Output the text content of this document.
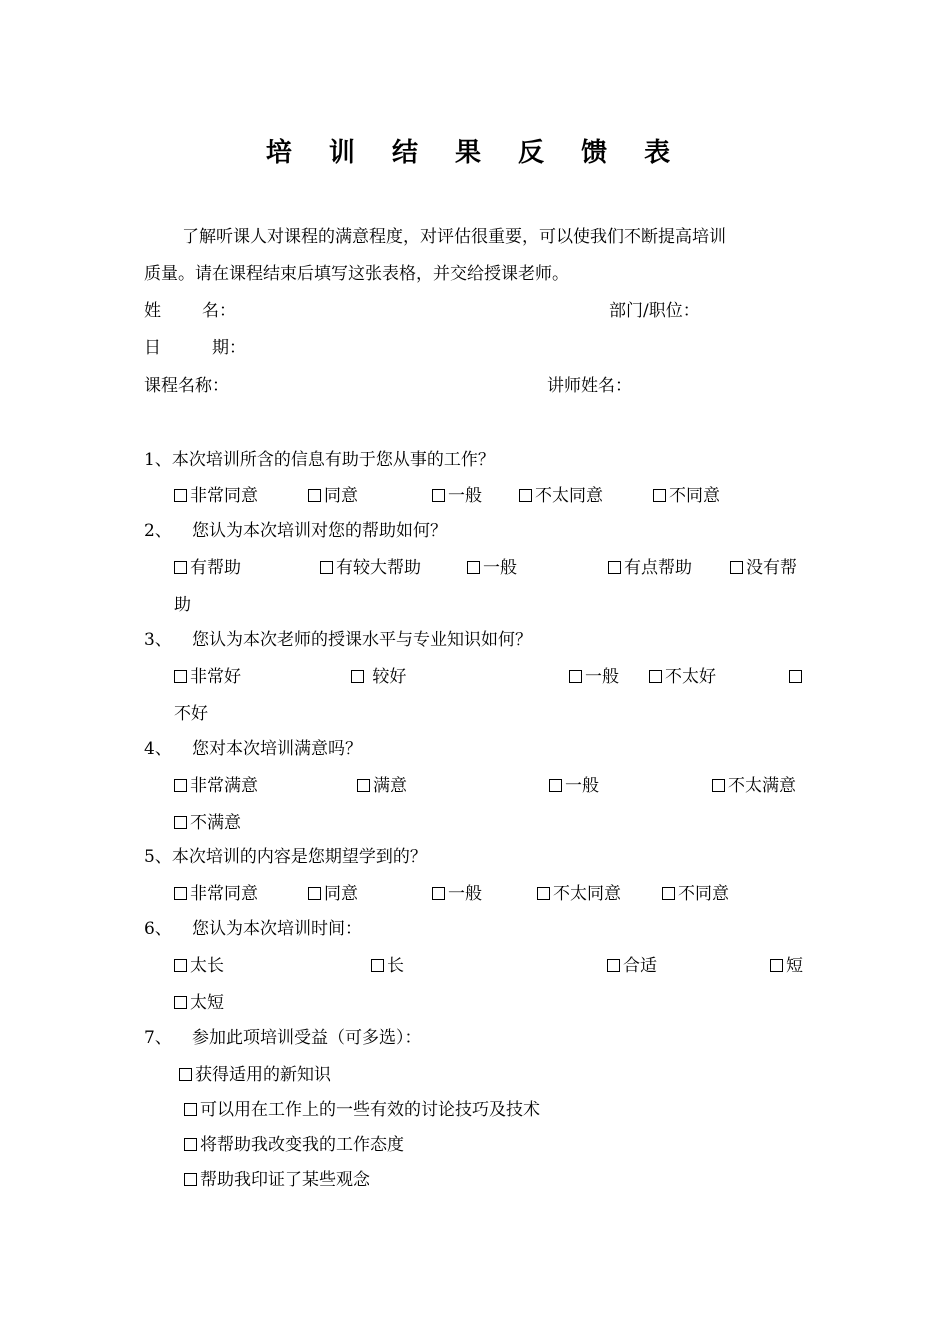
培 训 结 果 反 馈 表
了解听课人对课程的满意程度，对评估很重要，可以使我们不断提高培训
质量。请在课程结束后填写这张表格，并交给授课老师。
姓 名：	部门/职位：
日	期：
课程名称：	讲师姓名：
1、本次培训所含的信息有助于您从事的工作？
非常同意	同意	一般	不太同意	不同意
2、 您认为本次培训对您的帮助如何？
有帮助	有较大帮助	一般	有点帮助	没有帮
助
3、 您认为本次老师的授课水平与专业知识如何？
非常好	较好	一般	不太好
不好
4、 您对本次培训满意吗？
非常满意	满意	一般	不太满意
不满意
5、本次培训的内容是您期望学到的？
非常同意	同意	一般	不太同意	不同意
6、 您认为本次培训时间：
太长	长	合适	短
太短
7、 参加此项培训受益（可多选）：
获得适用的新知识
可以用在工作上的一些有效的讨论技巧及技术
将帮助我改变我的工作态度
帮助我印证了某些观念
